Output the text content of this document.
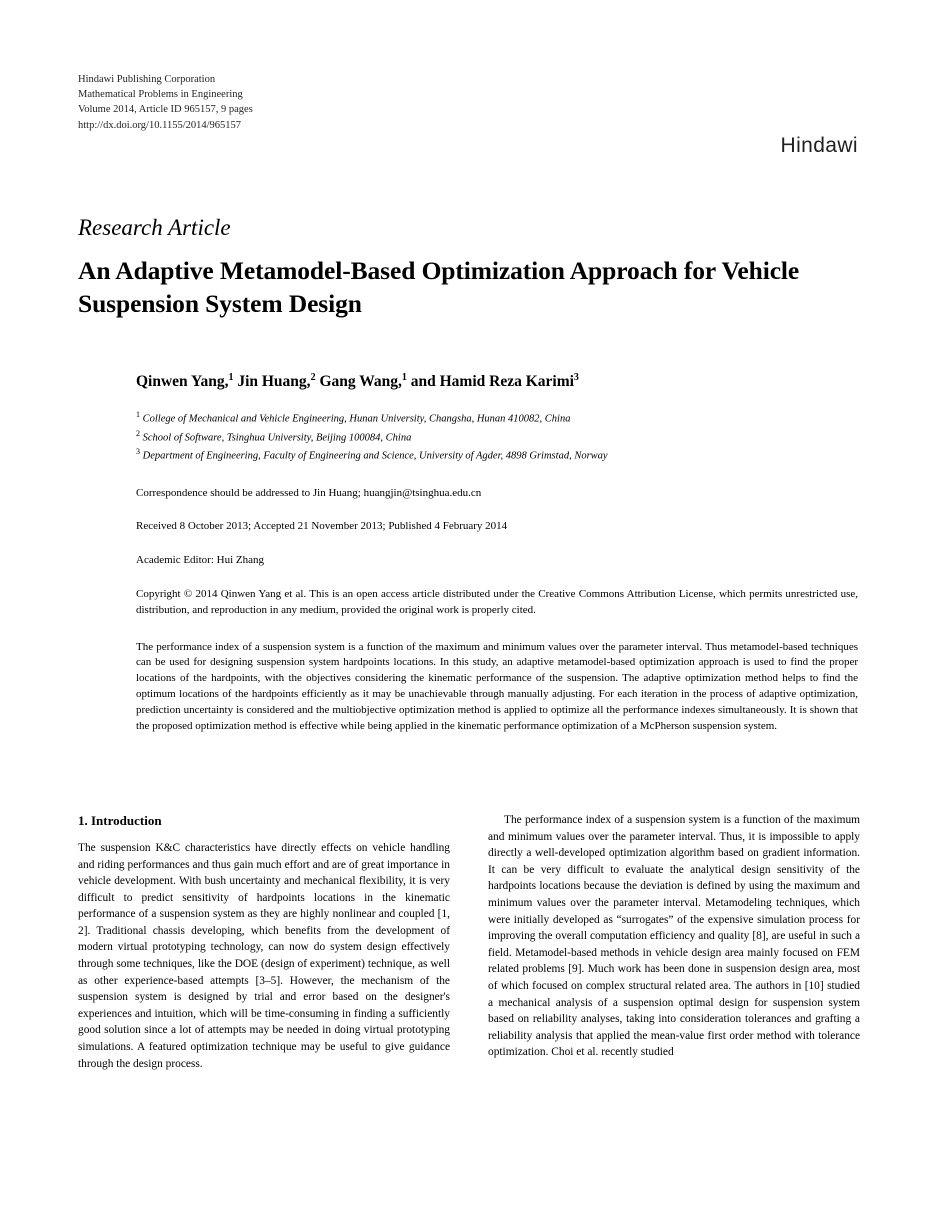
Hindawi Publishing Corporation
Mathematical Problems in Engineering
Volume 2014, Article ID 965157, 9 pages
http://dx.doi.org/10.1155/2014/965157
Hindawi
Research Article
An Adaptive Metamodel-Based Optimization Approach for Vehicle Suspension System Design
Qinwen Yang,$^1$ Jin Huang,$^2$ Gang Wang,$^1$ and Hamid Reza Karimi$^3$
$^1$ College of Mechanical and Vehicle Engineering, Hunan University, Changsha, Hunan 410082, China
$^2$ School of Software, Tsinghua University, Beijing 100084, China
$^3$ Department of Engineering, Faculty of Engineering and Science, University of Agder, 4898 Grimstad, Norway
Correspondence should be addressed to Jin Huang; huangjin@tsinghua.edu.cn
Received 8 October 2013; Accepted 21 November 2013; Published 4 February 2014
Academic Editor: Hui Zhang
Copyright © 2014 Qinwen Yang et al. This is an open access article distributed under the Creative Commons Attribution License, which permits unrestricted use, distribution, and reproduction in any medium, provided the original work is properly cited.
The performance index of a suspension system is a function of the maximum and minimum values over the parameter interval. Thus metamodel-based techniques can be used for designing suspension system hardpoints locations. In this study, an adaptive metamodel-based optimization approach is used to find the proper locations of the hardpoints, with the objectives considering the kinematic performance of the suspension. The adaptive optimization method helps to find the optimum locations of the hardpoints efficiently as it may be unachievable through manually adjusting. For each iteration in the process of adaptive optimization, prediction uncertainty is considered and the multiobjective optimization method is applied to optimize all the performance indexes simultaneously. It is shown that the proposed optimization method is effective while being applied in the kinematic performance optimization of a McPherson suspension system.
1. Introduction

The suspension K&C characteristics have directly effects on vehicle handling and riding performances and thus gain much effort and are of great importance in vehicle development. With bush uncertainty and mechanical flexibility, it is very difficult to predict sensitivity of hardpoints locations in the kinematic performance of a suspension system as they are highly nonlinear and coupled [1, 2]. Traditional chassis developing, which benefits from the development of modern virtual prototyping technology, can now do system design effectively through some techniques, like the DOE (design of experiment) technique, as well as other experience-based attempts [3–5]. However, the mechanism of the suspension system is designed by trial and error based on the designer's experiences and intuition, which will be time-consuming in finding a sufficiently good solution since a lot of attempts may be needed in doing virtual prototyping simulations. A featured optimization technique may be useful to give guidance through the design process.

The performance index of a suspension system is a function of the maximum and minimum values over the parameter interval. Thus, it is impossible to apply directly a well-developed optimization algorithm based on gradient information. It can be very difficult to evaluate the analytical design sensitivity of the hardpoints locations because the deviation is defined by using the maximum and minimum values over the parameter interval. Metamodeling techniques, which were initially developed as “surrogates” of the expensive simulation process for improving the overall computation efficiency and quality [8], are useful in such a field. Metamodel-based methods in vehicle design area mainly focused on FEM related problems [9]. Much work has been done in suspension design area, most of which focused on complex structural related area. The authors in [10] studied a mechanical analysis of a suspension optimal design for suspension system based on reliability analyses, taking into consideration tolerances and grafting a reliability analysis that applied the mean-value first order method with tolerance optimization. Choi et al. recently studied
